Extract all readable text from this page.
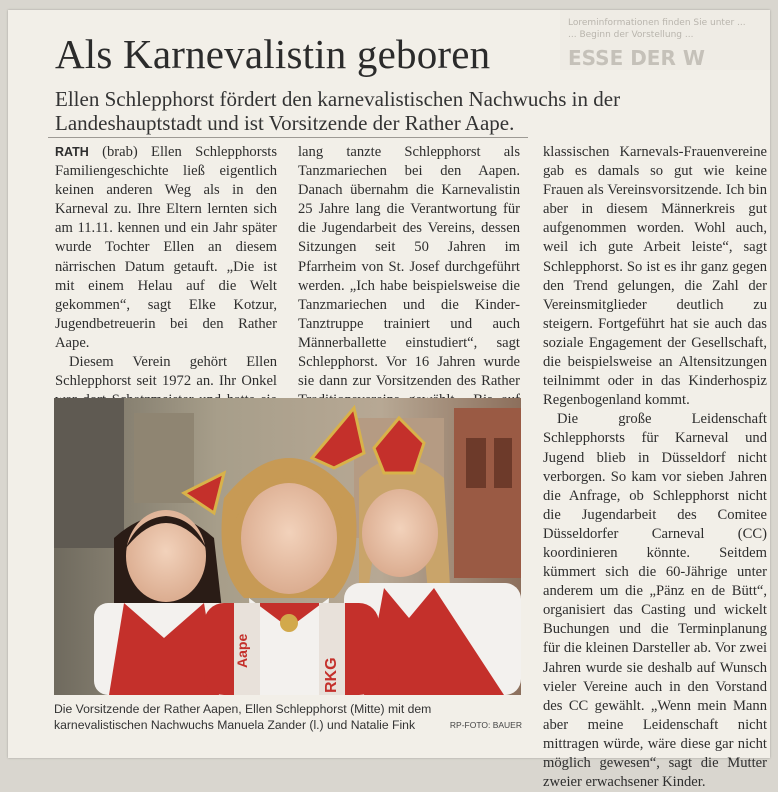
Loreminformationen finden Sie unter ...
... Beginn der Vorstellung ...
ESSE DER W
Als Karnevalistin geboren
Ellen Schlepphorst fördert den karnevalistischen Nachwuchs in der Landeshauptstadt und ist Vorsitzende der Rather Aape.

RATH (brab) Ellen Schlepphorsts Familiengeschichte ließ eigentlich keinen anderen Weg als in den Karneval zu. Ihre Eltern lernten sich am 11.11. kennen und ein Jahr später wurde Tochter Ellen an diesem närrischen Datum getauft. „Die ist mit einem Helau auf die Welt gekommen“, sagt Elke Kotzur, Jugendbetreuerin bei den Rather Aape.

Diesem Verein gehört Ellen Schlepphorst seit 1972 an. Ihr Onkel

lang tanzte Schlepphorst als Tanzmariechen bei den Aapen. Danach übernahm die Karnevalistin 25 Jahre lang die Verantwortung für die Jugendarbeit des Vereins, dessen Sitzungen seit 50 Jahren im Pfarrheim von St. Josef durchgeführt werden. „Ich habe beispielsweise die Tanzmariechen und die Kinder-Tanztruppe trainiert und auch Männerballette einstudiert“, sagt Schlepphorst. Vor 16 Jahren wurde sie dann zur Vorsitzenden des Rather

klassischen Karnevals-Frauenvereine gab es damals so gut wie keine Frauen als Vereinsvorsitzende. Ich bin aber in diesem Männerkreis gut aufgenommen worden. Wohl auch, weil ich gute Arbeit leiste“, sagt Schlepphorst. So ist es ihr ganz gegen den Trend gelungen, die Zahl der Vereinsmitglieder deutlich zu steigern. Fortgeführt hat sie auch das soziale Engagement der Gesellschaft, die beispielsweise an Altensitzungen teilnimmt oder in das Kinderhospiz Regenbogenland kommt.

Die große Leidenschaft Schlepphorsts für Karneval und Jugend blieb in Düsseldorf nicht verborgen. So kam vor sieben Jahren die Anfrage, ob Schlepphorst nicht die Jugendarbeit des Comitee Düsseldorfer Carneval (CC) koordinieren könnte. Seitdem kümmert sich die 60-Jährige unter anderem um die „Pänz en de Bütt“, organisiert das Casting und wickelt Buchungen und die Terminplanung für die kleinen Darsteller ab. Vor zwei Jahren wurde sie deshalb auf Wunsch vieler Vereine auch in den Vorstand des CC gewählt. „Wenn mein Mann aber meine Leidenschaft nicht mittragen würde, wäre diese gar nicht möglich gewesen“, sagt die Mutter zweier erwachsener Kinder.

Aape
RKG
Die Vorsitzende der Rather Aapen, Ellen Schlepphorst (Mitte) mit dem karnevalistischen Nachwuchs Manuela Zander (l.) und Natalie Fink	RP-FOTO: BAUER
